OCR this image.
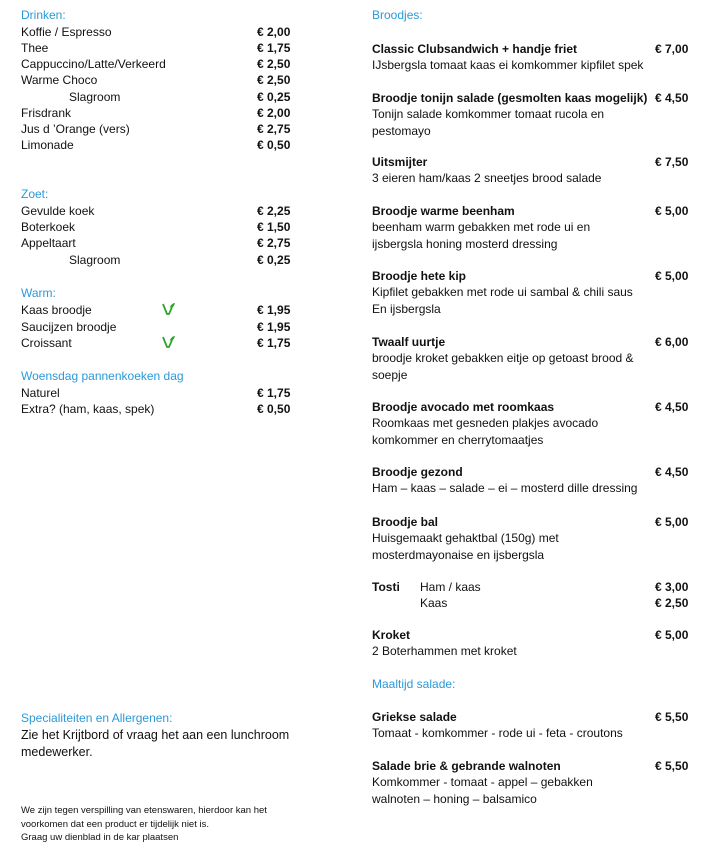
Drinken:
Koffie / Espresso	€ 2,00
Thee	€ 1,75
Cappuccino/Latte/Verkeerd	€ 2,50
Warme Choco	€ 2,50
Slagroom	€ 0,25
Frisdrank	€ 2,00
Jus d ’Orange (vers)	€ 2,75
Limonade	€ 0,50
Zoet:
Gevulde koek	€ 2,25
Boterkoek	€ 1,50
Appeltaart	€ 2,75
Slagroom	€ 0,25
Warm:
Kaas broodje	€ 1,95
Saucijzen broodje	€ 1,95
Croissant	€ 1,75
Woensdag pannenkoeken dag
Naturel	€ 1,75
Extra? (ham, kaas, spek)	€ 0,50
Specialiteiten en Allergenen:
Zie het Krijtbord of vraag het aan een lunchroom medewerker.
We zijn tegen verspilling van etenswaren, hierdoor kan het
voorkomen dat een product er tijdelijk niet is.
Graag uw dienblad in de kar plaatsen
Broodjes:
Classic Clubsandwich + handje friet	€ 7,00
IJsbergsla tomaat kaas ei komkommer kipfilet spek
Broodje tonijn salade (gesmolten kaas mogelijk) € 4,50
Tonijn salade komkommer tomaat rucola en pestomayo
Uitsmijter	€ 7,50
3 eieren ham/kaas 2 sneetjes brood salade
Broodje warme beenham	€ 5,00
beenham warm gebakken met rode ui en ijsbergsla honing mosterd dressing
Broodje hete kip	€ 5,00
Kipfilet gebakken met rode ui sambal & chili saus En ijsbergsla
Twaalf uurtje	€ 6,00
broodje kroket gebakken eitje op getoast brood & soepje
Broodje avocado met roomkaas	€ 4,50
Roomkaas met gesneden plakjes avocado komkommer en cherrytomaatjes
Broodje gezond	€ 4,50
Ham – kaas – salade – ei – mosterd dille dressing
Broodje bal	€ 5,00
Huisgemaakt gehaktbal (150g) met mosterdmayonaise en ijsbergsla
Tosti Ham / kaas	€ 3,00
Kaas	€ 2,50
Kroket	€ 5,00
2 Boterhammen met kroket
Maaltijd salade:
Griekse salade	€ 5,50
Tomaat - komkommer - rode ui - feta - croutons
Salade brie & gebrande walnoten	€ 5,50
Komkommer - tomaat - appel – gebakken walnoten – honing – balsamico
